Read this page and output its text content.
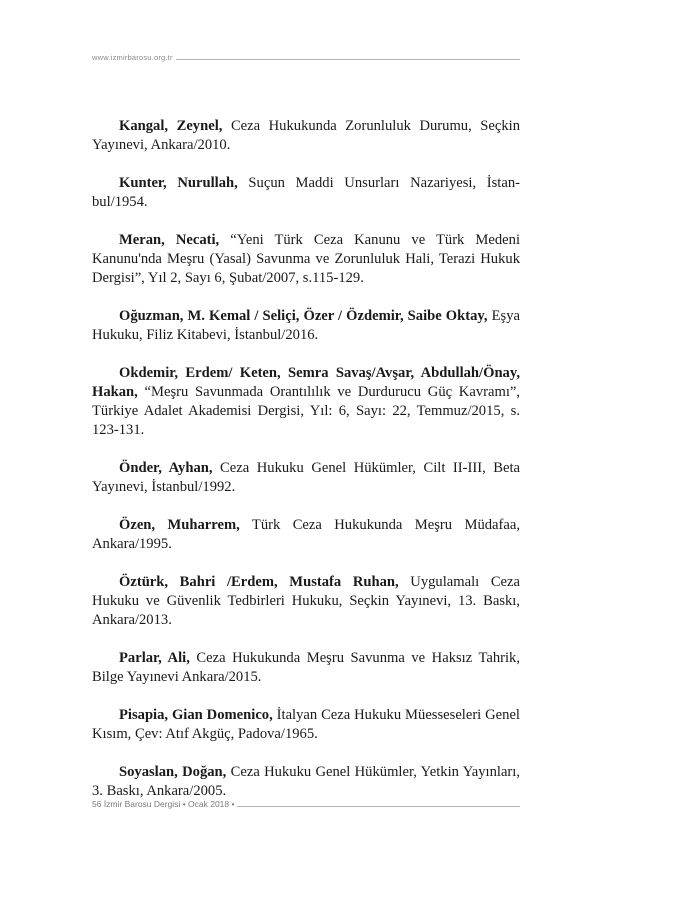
www.izmirbarosu.org.tr

Kangal, Zeynel, Ceza Hukukunda Zorunluluk Durumu, Seçkin Yayınevi, Ankara/2010.

Kunter, Nurullah, Suçun Maddi Unsurları Nazariyesi, İstanbul/1954.

Meran, Necati, “Yeni Türk Ceza Kanunu ve Türk Medeni Kanunu'nda Meşru (Yasal) Savunma ve Zorunluluk Hali, Terazi Hukuk Dergisi”, Yıl 2, Sayı 6, Şubat/2007, s.115-129.

Oğuzman, M. Kemal / Seliçi, Özer / Özdemir, Saibe Oktay, Eşya Hukuku, Filiz Kitabevi, İstanbul/2016.

Okdemir, Erdem/ Keten, Semra Savaş/Avşar, Abdullah/Önay, Hakan, “Meşru Savunmada Orantılılık ve Durdurucu Güç Kavramı”, Türkiye Adalet Akademisi Dergisi, Yıl: 6, Sayı: 22, Temmuz/2015, s. 123-131.

Önder, Ayhan, Ceza Hukuku Genel Hükümler, Cilt II-III, Beta Yayınevi, İstanbul/1992.

Özen, Muharrem, Türk Ceza Hukukunda Meşru Müdafaa, Ankara/1995.

Öztürk, Bahri /Erdem, Mustafa Ruhan, Uygulamalı Ceza Hukuku ve Güvenlik Tedbirleri Hukuku, Seçkin Yayınevi, 13. Baskı, Ankara/2013.

Parlar, Ali, Ceza Hukukunda Meşru Savunma ve Haksız Tahrik, Bilge Yayınevi Ankara/2015.

Pisapia, Gian Domenico, İtalyan Ceza Hukuku Müesseseleri Genel Kısım, Çev: Atıf Akgüç, Padova/1965.

Soyaslan, Doğan, Ceza Hukuku Genel Hükümler, Yetkin Yayınları, 3. Baskı, Ankara/2005.

56 İzmir Barosu Dergisi • Ocak 2018 •
